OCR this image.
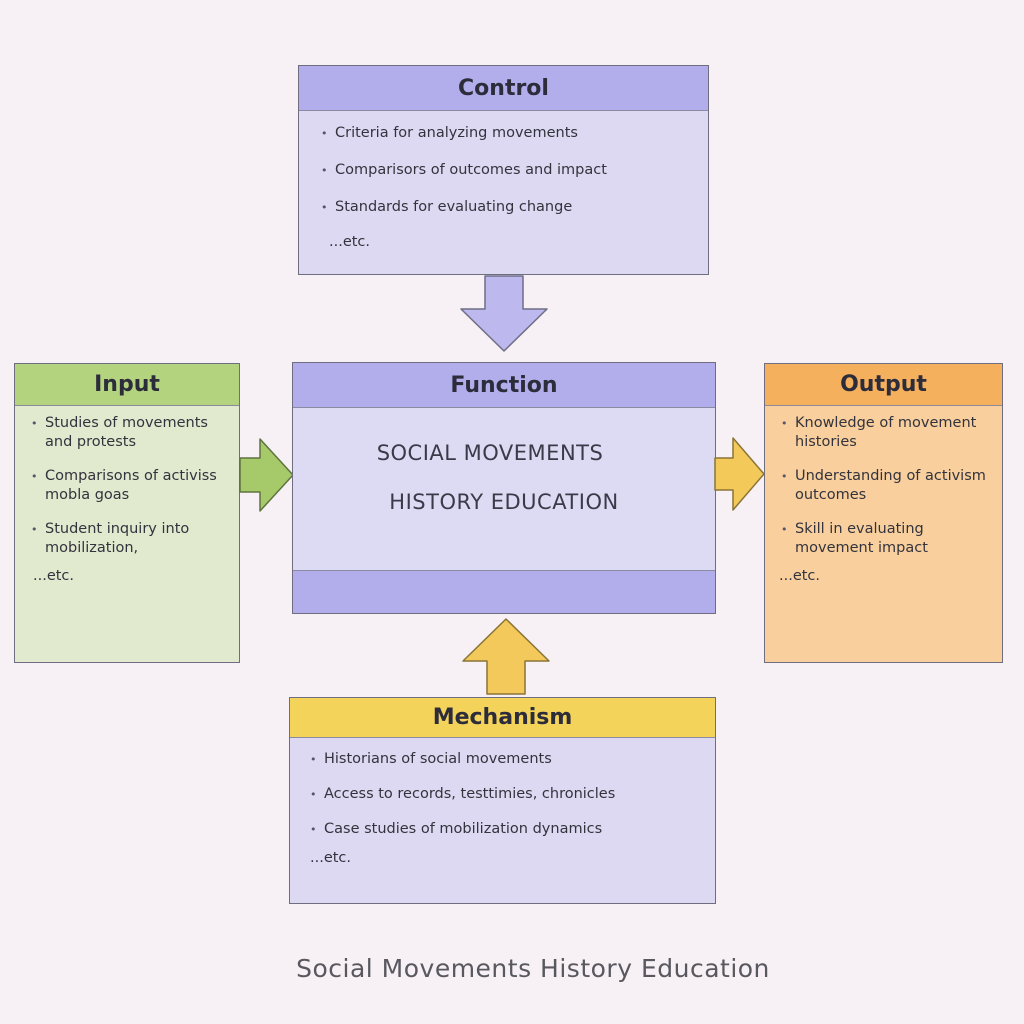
Control
• Criteria for analyzing movements
• Comparisors of outcomes and impact
• Standards for evaluating change
...etc.
Input
• Studies of movements and protests
• Comparisons of activiss mobla goas
• Student inquiry into mobilization,
...etc.
Function
SOCIAL MOVEMENTS
HISTORY EDUCATION
Output
• Knowledge of movement histories
• Understanding of activism outcomes
• Skill in evaluating movement impact
...etc.
Mechanism
• Historians of social movements
• Access to records, testtimies, chronicles
• Case studies of mobilization dynamics
...etc.
Social Movements History Education
